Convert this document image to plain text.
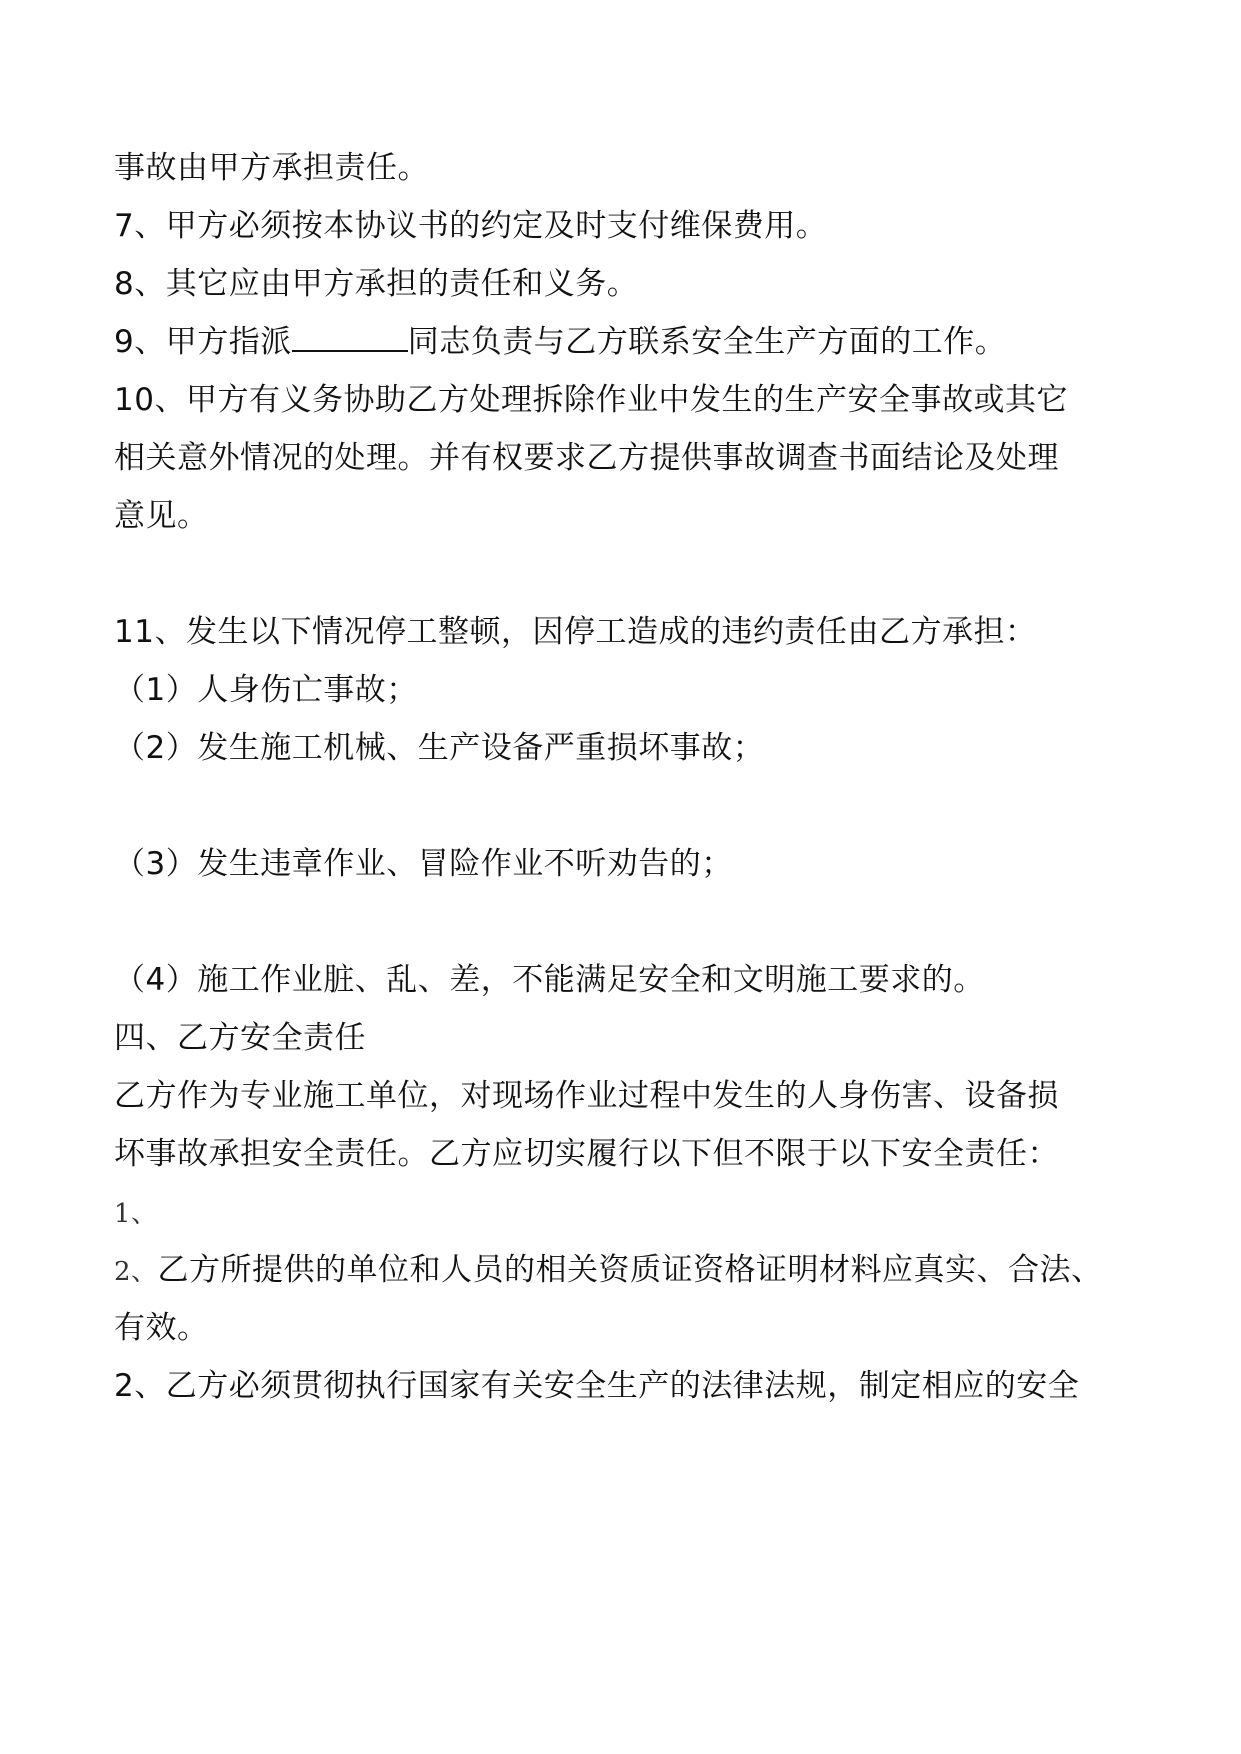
事故由甲方承担责任。
7、甲方必须按本协议书的约定及时支付维保费用。
8、其它应由甲方承担的责任和义务。
9、甲方指派	同志负责与乙方联系安全生产方面的工作。
10、甲方有义务协助乙方处理拆除作业中发生的生产安全事故或其它
相关意外情况的处理。并有权要求乙方提供事故调查书面结论及处理
意见。
11、发生以下情况停工整顿，因停工造成的违约责任由乙方承担：
（1）人身伤亡事故；
（2）发生施工机械、生产设备严重损坏事故；
（3）发生违章作业、冒险作业不听劝告的；
（4）施工作业脏、乱、差，不能满足安全和文明施工要求的。
四、乙方安全责任
乙方作为专业施工单位，对现场作业过程中发生的人身伤害、设备损
坏事故承担安全责任。乙方应切实履行以下但不限于以下安全责任：
1、
2、乙方所提供的单位和人员的相关资质证资格证明材料应真实、合法、
有效。
2、乙方必须贯彻执行国家有关安全生产的法律法规，制定相应的安全
